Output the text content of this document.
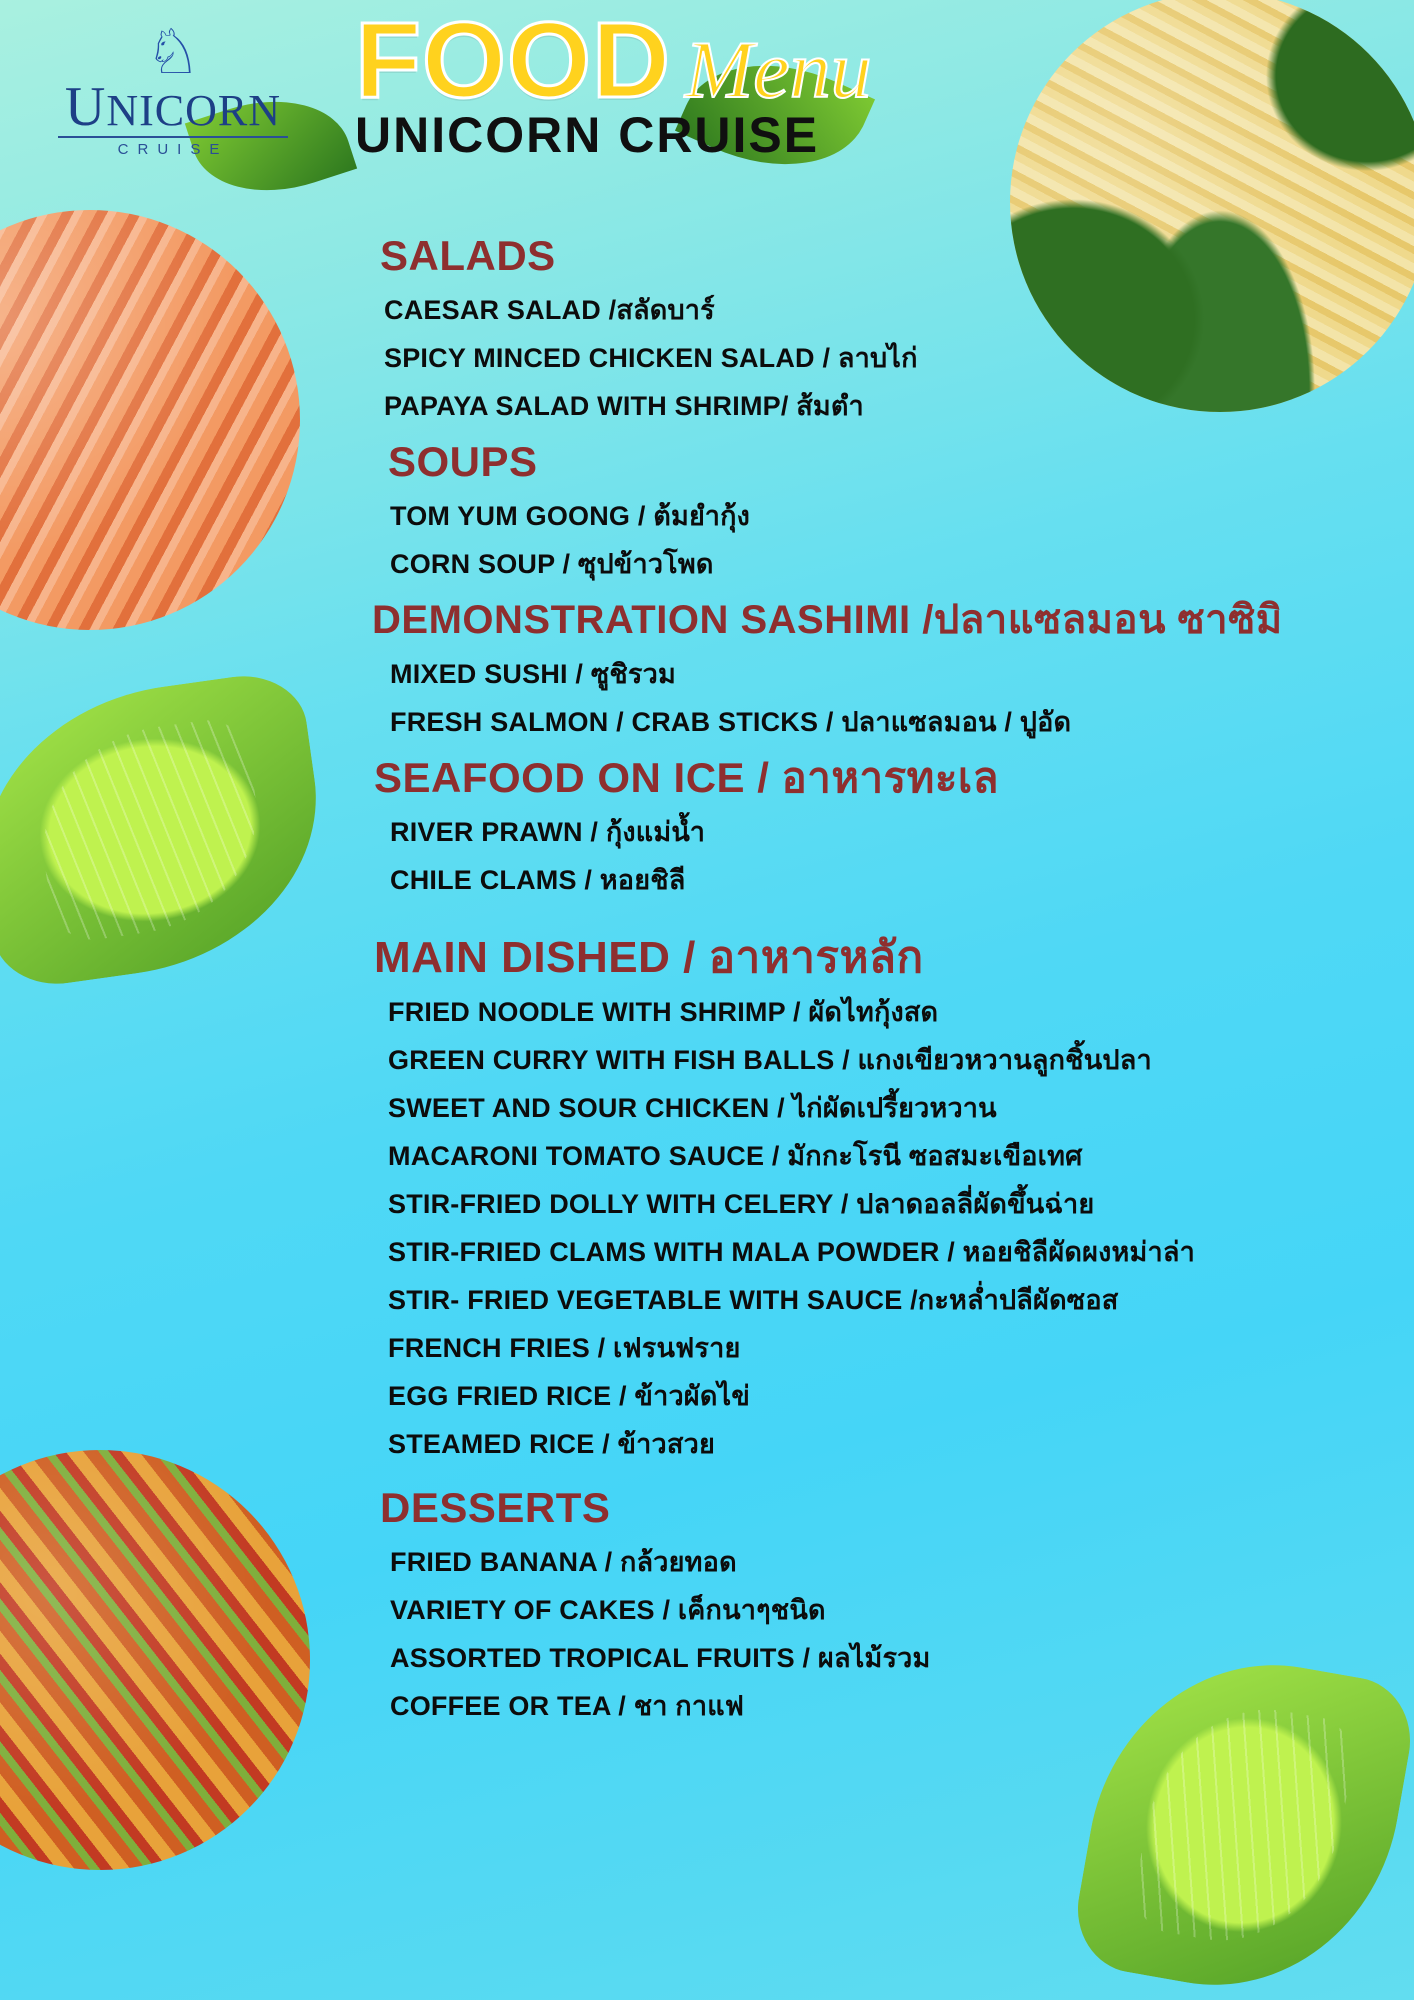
♘
UNICORN
CRUISE
FOOD Menu
UNICORN CRUISE
SALADS
CAESAR SALAD /สลัดบาร์
SPICY MINCED CHICKEN SALAD / ลาบไก่
PAPAYA SALAD WITH SHRIMP/ ส้มตำ
SOUPS
TOM YUM GOONG / ต้มยำกุ้ง
CORN SOUP / ซุปข้าวโพด
DEMONSTRATION SASHIMI /ปลาแซลมอน ซาซิมิ
MIXED SUSHI / ซูชิรวม
FRESH SALMON / CRAB STICKS / ปลาแซลมอน / ปูอัด
SEAFOOD ON ICE / อาหารทะเล
RIVER PRAWN / กุ้งแม่น้ำ
CHILE CLAMS / หอยชิลี
MAIN DISHED / อาหารหลัก
FRIED NOODLE WITH SHRIMP / ผัดไทกุ้งสด
GREEN CURRY WITH FISH BALLS / แกงเขียวหวานลูกชิ้นปลา
SWEET AND SOUR CHICKEN / ไก่ผัดเปรี้ยวหวาน
MACARONI TOMATO SAUCE / มักกะโรนี ซอสมะเขือเทศ
STIR-FRIED DOLLY WITH CELERY / ปลาดอลลี่ผัดขึ้นฉ่าย
STIR-FRIED CLAMS WITH MALA POWDER / หอยชิลีผัดผงหม่าล่า
STIR- FRIED VEGETABLE WITH SAUCE /กะหล่ำปลีผัดซอส
FRENCH FRIES / เฟรนฟราย
EGG FRIED RICE / ข้าวผัดไข่
STEAMED RICE / ข้าวสวย
DESSERTS
FRIED BANANA / กล้วยทอด
VARIETY OF CAKES / เค็กนาๆชนิด
ASSORTED TROPICAL FRUITS / ผลไม้รวม
COFFEE OR TEA / ชา กาแฟ
